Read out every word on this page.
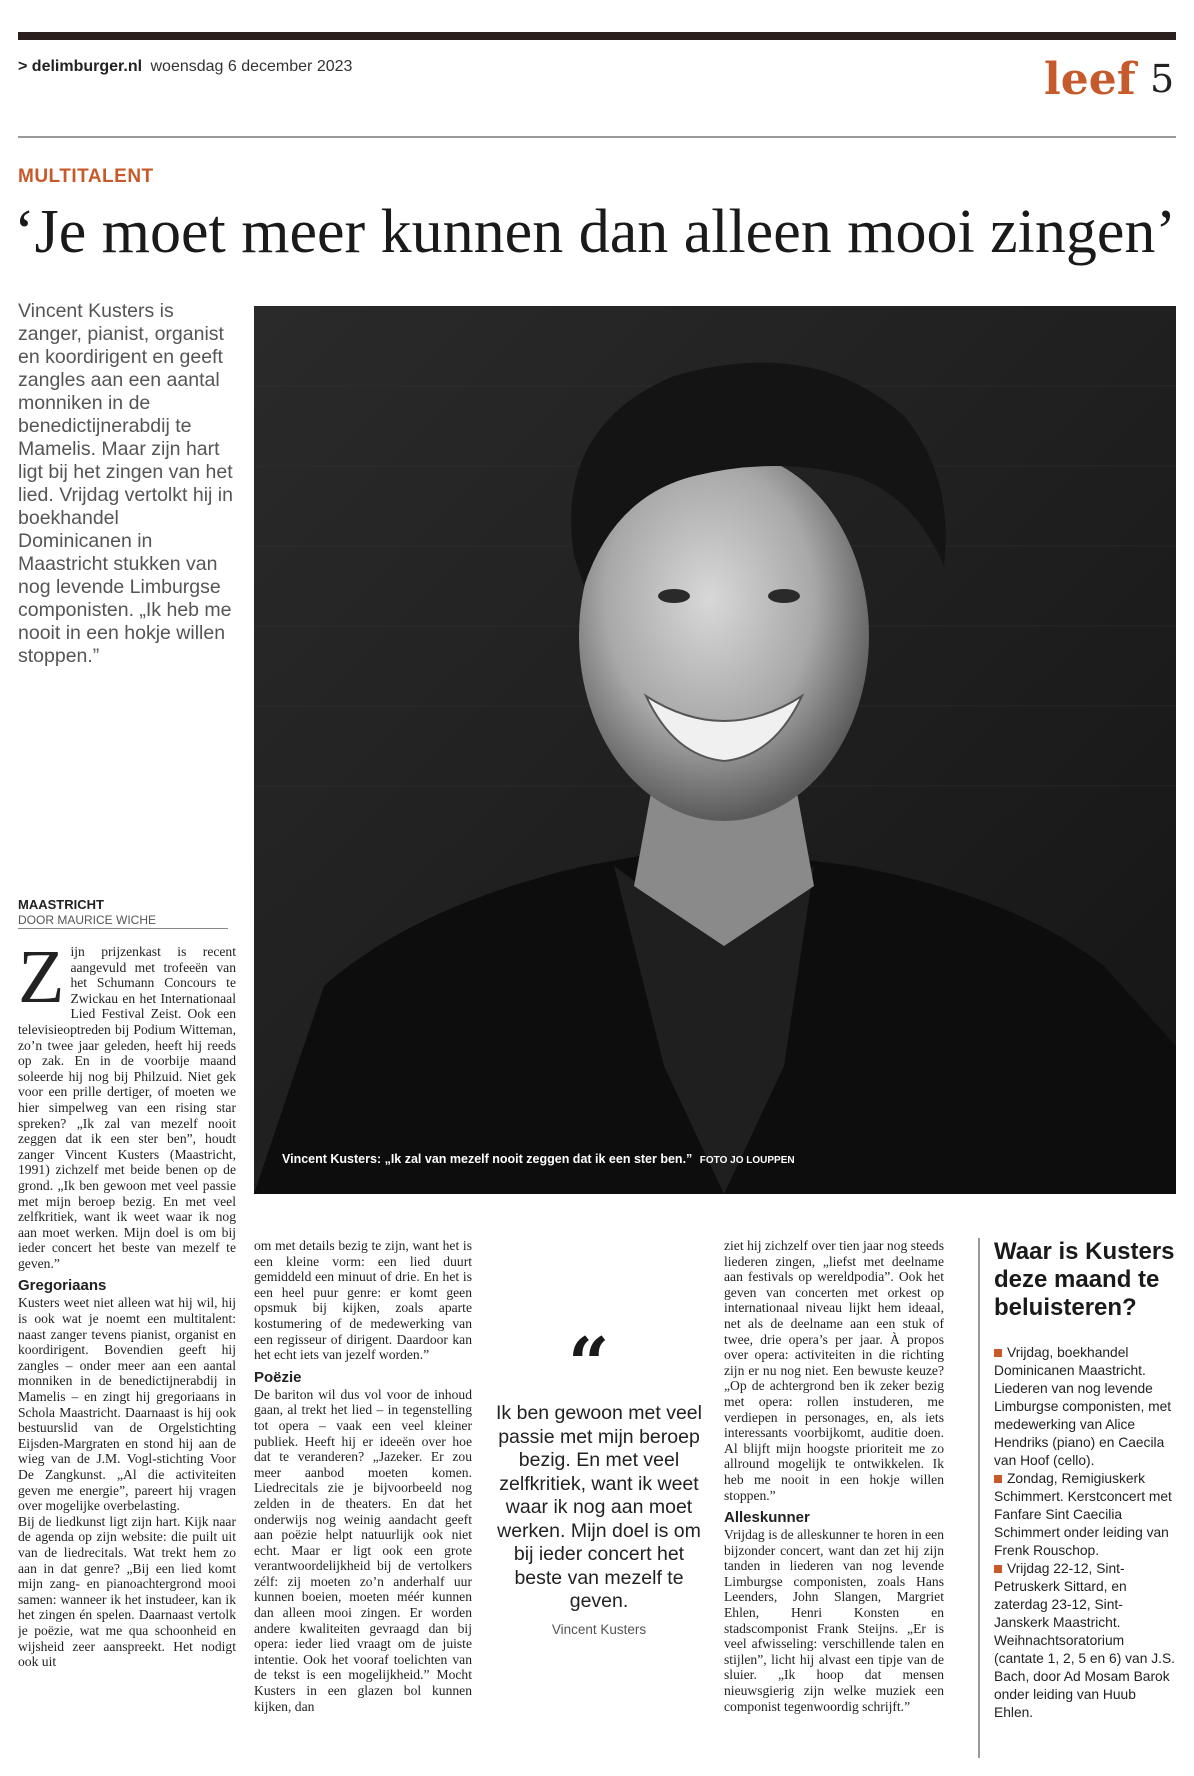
> delimburger.nl woensdag 6 december 2023	leef 5
MULTITALENT
‘Je moet meer kunnen dan alleen mooi zingen’
Vincent Kusters is zanger, pianist, organist en koordirigent en geeft zangles aan een aantal monniken in de benedictijnerabdij te Mamelis. Maar zijn hart ligt bij het zingen van het lied. Vrijdag vertolkt hij in boekhandel Dominicanen in Maastricht stukken van nog levende Limburgse componisten. „Ik heb me nooit in een hokje willen stoppen.”
Vincent Kusters: „Ik zal van mezelf nooit zeggen dat ik een ster ben.” FOTO JO LOUPPEN
MAASTRICHT
DOOR MAURICE WICHE
Z ijn prijzenkast is recent aangevuld met trofeeën van het Schumann Concours te Zwickau en het Internationaal Lied Festival Zeist. Ook een televisieoptreden bij Podium Witteman, zo’n twee jaar geleden, heeft hij reeds op zak. En in de voorbije maand soleerde hij nog bij Philzuid. Niet gek voor een prille dertiger, of moeten we hier simpelweg van een rising star spreken? „Ik zal van mezelf nooit zeggen dat ik een ster ben”, houdt zanger Vincent Kusters (Maastricht, 1991) zichzelf met beide benen op de grond. „Ik ben gewoon met veel passie met mijn beroep bezig. En met veel zelfkritiek, want ik weet waar ik nog aan moet werken. Mijn doel is om bij ieder concert het beste van mezelf te geven.”

Gregoriaans

Kusters weet niet alleen wat hij wil, hij is ook wat je noemt een multitalent: naast zanger tevens pianist, organist en koordirigent. Bovendien geeft hij zangles – onder meer aan een aantal monniken in de benedictijnerabdij in Mamelis – en zingt hij gregoriaans in Schola Maastricht. Daarnaast is hij ook bestuurslid van de Orgelstichting Eijsden-Margraten en stond hij aan de wieg van de J.M. Vogl-stichting Voor De Zangkunst. „Al die activiteiten geven me energie”, pareert hij vragen over mogelijke overbelasting.

Bij de liedkunst ligt zijn hart. Kijk naar de agenda op zijn website: die puilt uit van de liedrecitals. Wat trekt hem zo aan in dat genre? „Bij een lied komt mijn zang- en pianoachtergrond mooi samen: wanneer ik het instudeer, kan ik het zingen én spelen. Daarnaast vertolk je poëzie, wat me qua schoonheid en wijsheid zeer aanspreekt. Het nodigt ook uit

om met details bezig te zijn, want het is een kleine vorm: een lied duurt gemiddeld een minuut of drie. En het is een heel puur genre: er komt geen opsmuk bij kijken, zoals aparte kostumering of de medewerking van een regisseur of dirigent. Daardoor kan het echt iets van jezelf worden.”

Poëzie

De bariton wil dus vol voor de inhoud gaan, al trekt het lied – in tegenstelling tot opera – vaak een veel kleiner publiek. Heeft hij er ideeën over hoe dat te veranderen? „Jazeker. Er zou meer aanbod moeten komen. Liedrecitals zie je bijvoorbeeld nog zelden in de theaters. En dat het onderwijs nog weinig aandacht geeft aan poëzie helpt natuurlijk ook niet echt. Maar er ligt ook een grote verantwoordelijkheid bij de vertolkers zélf: zij moeten zo’n anderhalf uur kunnen boeien, moeten méér kunnen dan alleen mooi zingen. Er worden andere kwaliteiten gevraagd dan bij opera: ieder lied vraagt om de juiste intentie. Ook het vooraf toelichten van de tekst is een mogelijkheid.” Mocht Kusters in een glazen bol kunnen kijken, dan

“
Ik ben gewoon met veel passie met mijn beroep bezig. En met veel zelfkritiek, want ik weet waar ik nog aan moet werken. Mijn doel is om bij ieder concert het beste van mezelf te geven.
Vincent Kusters

ziet hij zichzelf over tien jaar nog steeds liederen zingen, „liefst met deelname aan festivals op wereldpodia”. Ook het geven van concerten met orkest op internationaal niveau lijkt hem ideaal, net als de deelname aan een stuk of twee, drie opera’s per jaar. À propos over opera: activiteiten in die richting zijn er nu nog niet. Een bewuste keuze? „Op de achtergrond ben ik zeker bezig met opera: rollen instuderen, me verdiepen in personages, en, als iets interessants voorbijkomt, auditie doen. Al blijft mijn hoogste prioriteit me zo allround mogelijk te ontwikkelen. Ik heb me nooit in een hokje willen stoppen.”

Alleskunner

Vrijdag is de alleskunner te horen in een bijzonder concert, want dan zet hij zijn tanden in liederen van nog levende Limburgse componisten, zoals Hans Leenders, John Slangen, Margriet Ehlen, Henri Konsten en stadscomponist Frank Steijns. „Er is veel afwisseling: verschillende talen en stijlen”, licht hij alvast een tipje van de sluier. „Ik hoop dat mensen nieuwsgierig zijn welke muziek een componist tegenwoordig schrijft.”

Waar is Kusters deze maand te beluisteren?

Vrijdag, boekhandel Dominicanen Maastricht. Liederen van nog levende Limburgse componisten, met medewerking van Alice Hendriks (piano) en Caecila van Hoof (cello).

Zondag, Remigiuskerk Schimmert. Kerstconcert met Fanfare Sint Caecilia Schimmert onder leiding van Frenk Rouschop.

Vrijdag 22-12, Sint-Petruskerk Sittard, en zaterdag 23-12, Sint-Janskerk Maastricht. Weihnachtsoratorium (cantate 1, 2, 5 en 6) van J.S. Bach, door Ad Mosam Barok onder leiding van Huub Ehlen.
